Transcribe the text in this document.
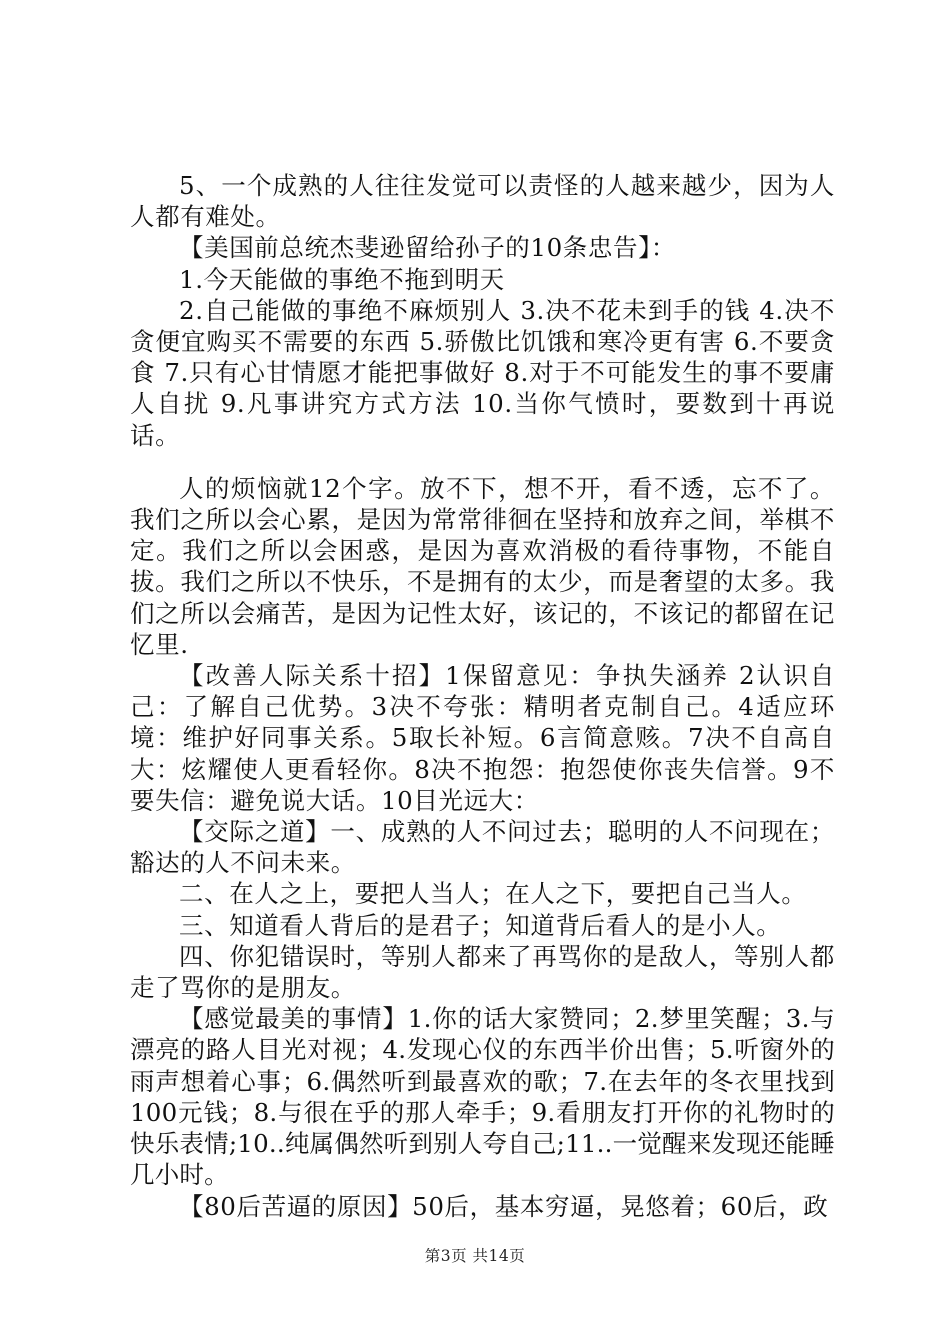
5、一个成熟的人往往发觉可以责怪的人越来越少，因为人人都有难处。

【美国前总统杰斐逊留给孙子的10条忠告】：

1.今天能做的事绝不拖到明天

2.自己能做的事绝不麻烦别人 3.决不花未到手的钱 4.决不贪便宜购买不需要的东西 5.骄傲比饥饿和寒冷更有害 6.不要贪食 7.只有心甘情愿才能把事做好 8.对于不可能发生的事不要庸人自扰 9.凡事讲究方式方法 10.当你气愤时，要数到十再说话。

人的烦恼就12个字。放不下，想不开，看不透，忘不了。我们之所以会心累，是因为常常徘徊在坚持和放弃之间，举棋不定。我们之所以会困惑，是因为喜欢消极的看待事物，不能自拔。我们之所以不快乐，不是拥有的太少，而是奢望的太多。我们之所以会痛苦，是因为记性太好，该记的，不该记的都留在记忆里.

【改善人际关系十招】1保留意见：争执失涵养 2认识自己：了解自己优势。3决不夸张：精明者克制自己。4适应环境：维护好同事关系。5取长补短。6言简意赅。7决不自高自大：炫耀使人更看轻你。8决不抱怨：抱怨使你丧失信誉。9不要失信：避免说大话。10目光远大：

【交际之道】一、成熟的人不问过去；聪明的人不问现在；豁达的人不问未来。

二、在人之上，要把人当人；在人之下，要把自己当人。

三、知道看人背后的是君子；知道背后看人的是小人。

四、你犯错误时，等别人都来了再骂你的是敌人，等别人都走了骂你的是朋友。

【感觉最美的事情】1.你的话大家赞同；2.梦里笑醒；3.与漂亮的路人目光对视；4.发现心仪的东西半价出售；5.听窗外的雨声想着心事；6.偶然听到最喜欢的歌；7.在去年的冬衣里找到100元钱；8.与很在乎的那人牵手；9.看朋友打开你的礼物时的快乐表情;10..纯属偶然听到别人夸自己;11..一觉醒来发现还能睡几小时。

【80后苦逼的原因】50后，基本穷逼，晃悠着；60后，政

第3页 共14页
